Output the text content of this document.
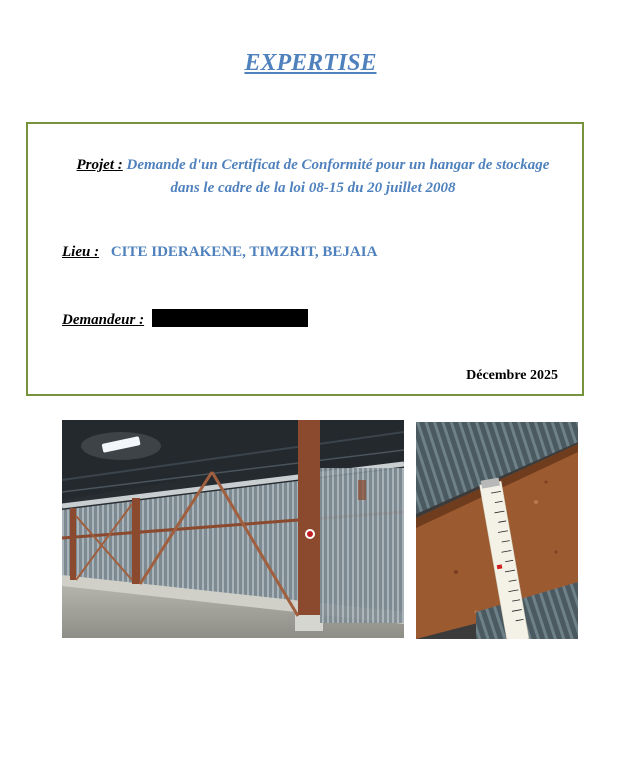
EXPERTISE
Projet : Demande d'un Certificat de Conformité pour un hangar de stockage dans le cadre de la loi 08-15 du 20 juillet 2008
Lieu : CITE IDERAKENE, TIMZRIT, BEJAIA
Demandeur :
Décembre 2025
